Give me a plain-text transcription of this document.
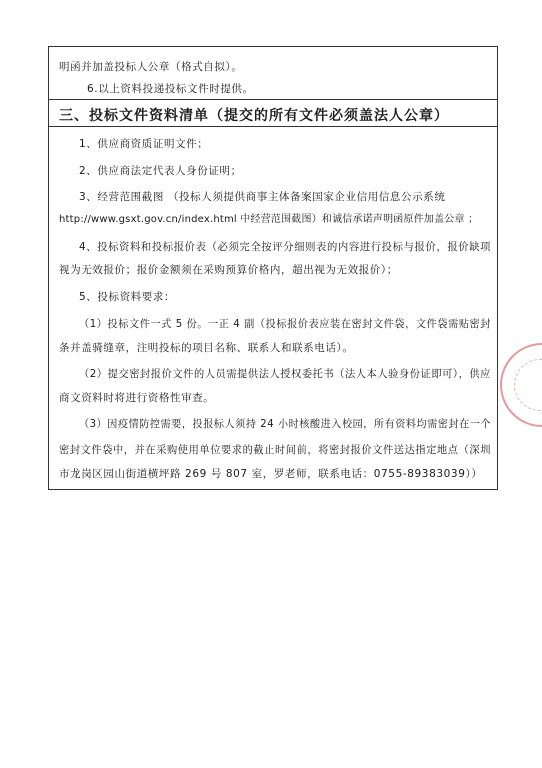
明函并加盖投标人公章（格式自拟）。
6.以上资料投递投标文件时提供。
三、投标文件资料清单（提交的所有文件必须盖法人公章）
1、供应商资质证明文件；
2、供应商法定代表人身份证明；
3、经营范围截图 （投标人须提供商事主体备案国家企业信用信息公示系统
http://www.gsxt.gov.cn/index.html 中经营范围截图）和诚信承诺声明函原件加盖公章 ；
4、投标资料和投标报价表（必须完全按评分细则表的内容进行投标与报价，报价缺项
视为无效报价；报价金额须在采购预算价格内，超出视为无效报价）；
5、投标资料要求：
（1）投标文件一式 5 份。一正 4 副（投标报价表应装在密封文件袋，文件袋需贴密封
条并盖骑缝章，注明投标的项目名称、联系人和联系电话）。
（2）提交密封报价文件的人员需提供法人授权委托书（法人本人验身份证即可），供应
商文资料时将进行资格性审查。
（3）因疫情防控需要，投报标人须持 24 小时核酸进入校园，所有资料均需密封在一个
密封文件袋中，并在采购使用单位要求的截止时间前，将密封报价文件送达指定地点（深圳
市龙岗区园山街道横坪路 269 号 807 室，罗老师，联系电话：0755-89383039））
